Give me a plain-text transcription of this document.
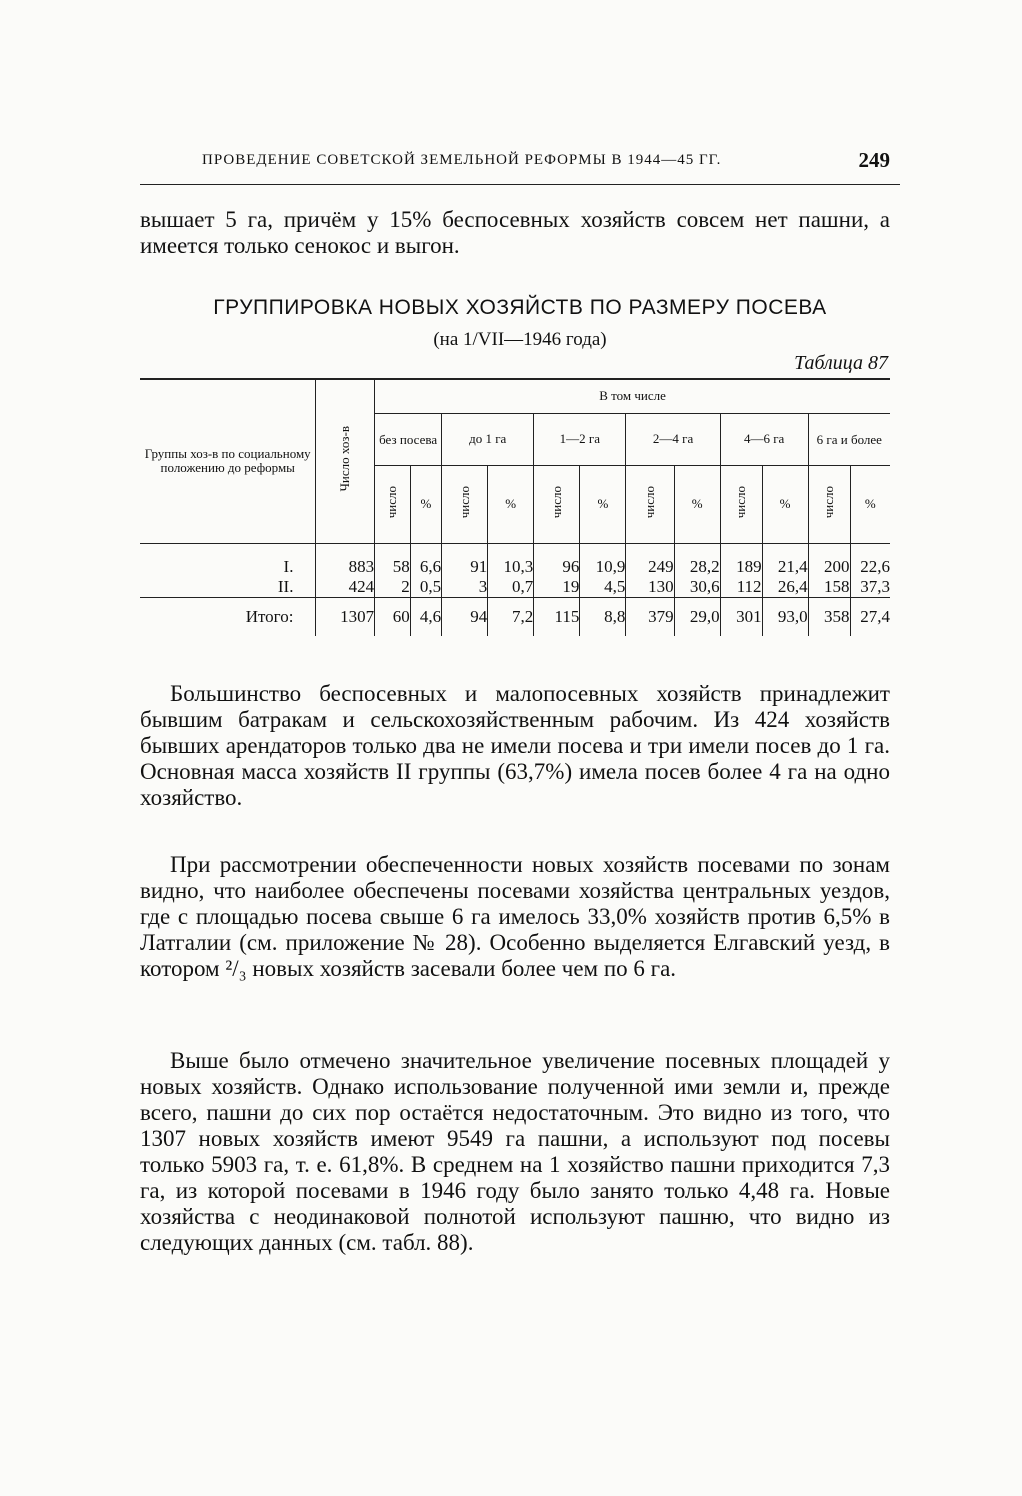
ПРОВЕДЕНИЕ СОВЕТСКОЙ ЗЕМЕЛЬНОЙ РЕФОРМЫ В 1944—45 ГГ.	249

вышает 5 га, причём у 15% беспосевных хозяйств совсем нет пашни, а имеется только сенокос и выгон.

ГРУППИРОВКА НОВЫХ ХОЗЯЙСТВ ПО РАЗМЕРУ ПОСЕВА
(на 1/VII—1946 года)
Таблица 87
Группы хоз-в по социальному положению до реформы	Число хоз-в	В том числе											
		без посева		до 1 га		1—2 га		2—4 га		4—6 га		6 га и более	
		число	%	число	%	число	%	число	%	число	%	число	%

I.	883	58	6,6	91	10,3	96	10,9	249	28,2	189	21,4	200	22,6
II.	424	2	0,5	3	0,7	19	4,5	130	30,6	112	26,4	158	37,3
Итого:	1307	60	4,6	94	7,2	115	8,8	379	29,0	301	93,0	358	27,4

Большинство беспосевных и малопосевных хозяйств принадлежит бывшим батракам и сельскохозяйственным рабочим. Из 424 хозяйств бывших арендаторов только два не имели посева и три имели посев до 1 га. Основная масса хозяйств II группы (63,7%) имела посев более 4 га на одно хозяйство.

При рассмотрении обеспеченности новых хозяйств посевами по зонам видно, что наиболее обеспечены посевами хозяйства центральных уездов, где с площадью посева свыше 6 га имелось 33,0% хозяйств против 6,5% в Латгалии (см. приложение № 28). Особенно выделяется Елгавский уезд, в котором ²/₃ новых хозяйств засевали более чем по 6 га.

Выше было отмечено значительное увеличение посевных площадей у новых хозяйств. Однако использование полученной ими земли и, прежде всего, пашни до сих пор остаётся недостаточным. Это видно из того, что 1307 новых хозяйств имеют 9549 га пашни, а используют под посевы только 5903 га, т. е. 61,8%. В среднем на 1 хозяйство пашни приходится 7,3 га, из которой посевами в 1946 году было занято только 4,48 га. Новые хозяйства с неодинаковой полнотой используют пашню, что видно из следующих данных (см. табл. 88).
